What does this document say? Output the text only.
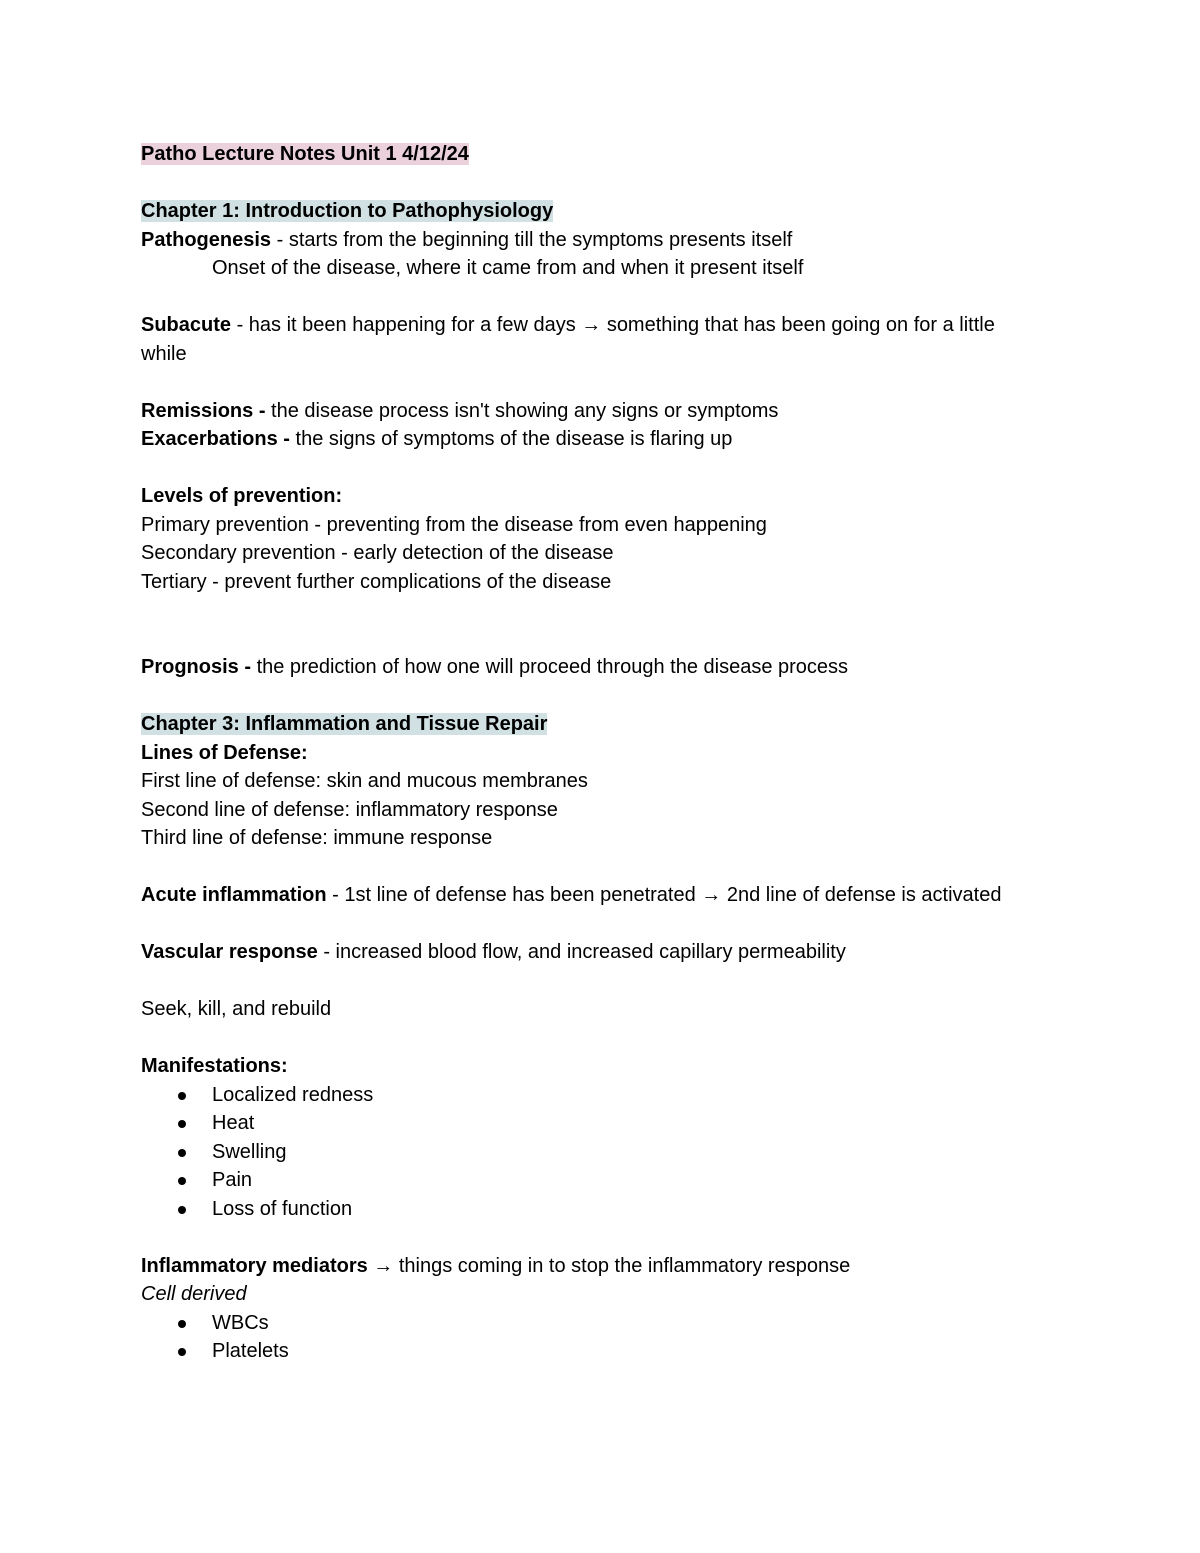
Patho Lecture Notes Unit 1 4/12/24
Chapter 1: Introduction to Pathophysiology
Pathogenesis - starts from the beginning till the symptoms presents itself
Onset of the disease, where it came from and when it present itself
Subacute - has it been happening for a few days → something that has been going on for a little while
Remissions - the disease process isn't showing any signs or symptoms
Exacerbations - the signs of symptoms of the disease is flaring up
Levels of prevention:
Primary prevention - preventing from the disease from even happening
Secondary prevention - early detection of the disease
Tertiary - prevent further complications of the disease
Prognosis - the prediction of how one will proceed through the disease process
Chapter 3: Inflammation and Tissue Repair
Lines of Defense:
First line of defense: skin and mucous membranes
Second line of defense: inflammatory response
Third line of defense: immune response
Acute inflammation - 1st line of defense has been penetrated → 2nd line of defense is activated
Vascular response - increased blood flow, and increased capillary permeability
Seek, kill, and rebuild
Manifestations:
Localized redness
Heat
Swelling
Pain
Loss of function
Inflammatory mediators → things coming in to stop the inflammatory response
Cell derived
WBCs
Platelets
